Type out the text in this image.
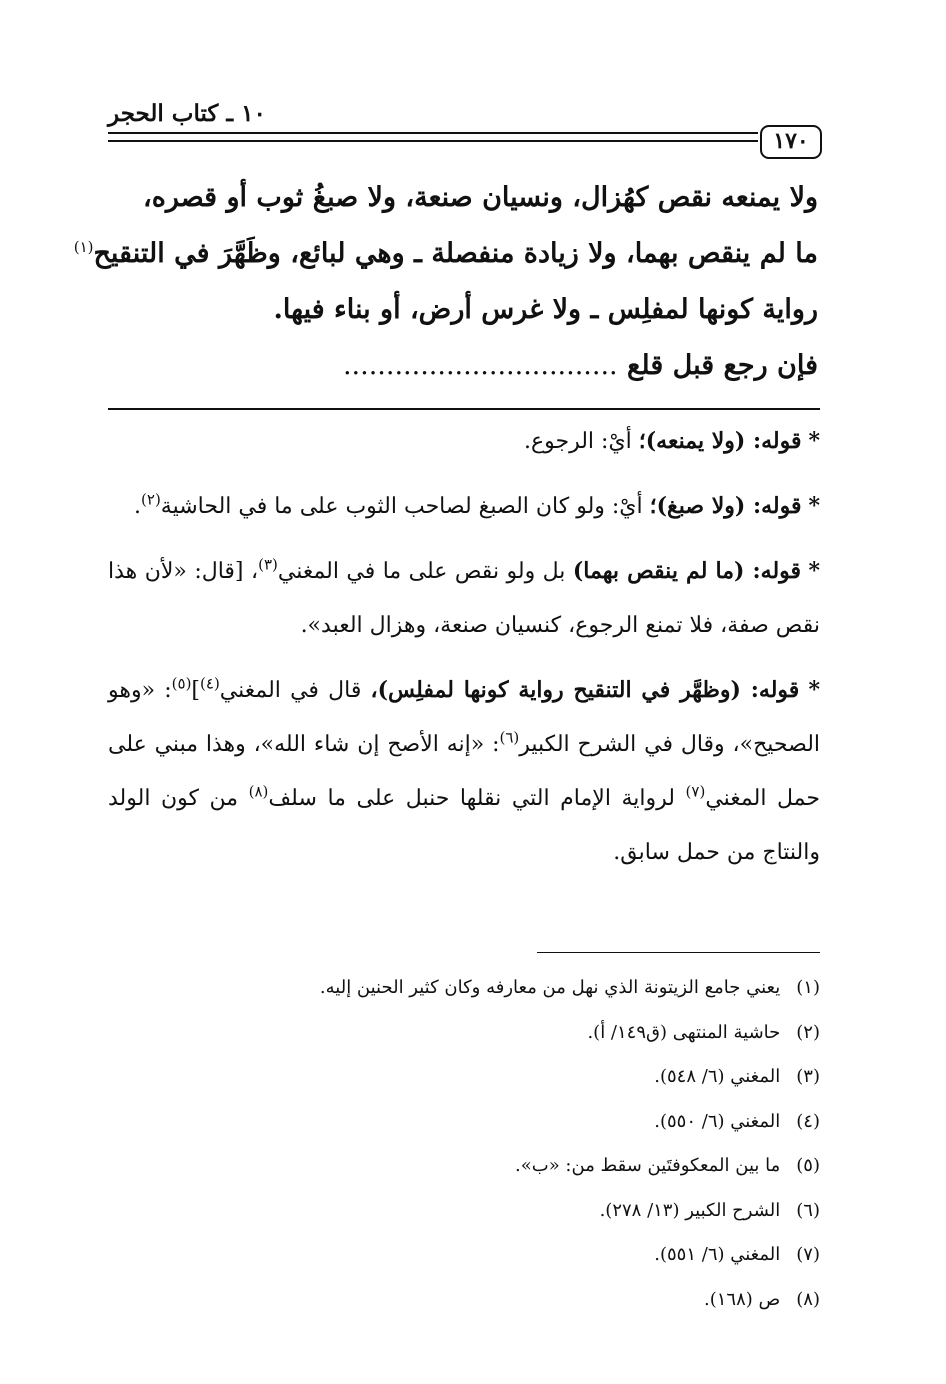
١٠ ـ كتاب الحجر
١٧٠
ولا يمنعه نقص كهُزال، ونسيان صنعة، ولا صبغُ ثوب أو قصره،
ما لم ينقص بهما، ولا زيادة منفصلة ـ وهي لبائع، وظَهَّرَ في التنقيح$^{(١)}$
رواية كونها لمفلِس ـ ولا غرس أرض، أو بناء فيها.
فإن رجع قبل قلع ................................

* قوله: (ولا يمنعه)؛ أيْ: الرجوع.

* قوله: (ولا صبغ)؛ أيْ: ولو كان الصبغ لصاحب الثوب على ما في الحاشية$^{(٢)}$.

* قوله: (ما لم ينقص بهما) بل ولو نقص على ما في المغني$^{(٣)}$، [قال: «لأن هذا نقص صفة، فلا تمنع الرجوع، كنسيان صنعة، وهزال العبد».

* قوله: (وظهَّر في التنقيح رواية كونها لمفلِس)، قال في المغني$^{(٤)}$]$^{(٥)}$: «وهو الصحيح»، وقال في الشرح الكبير$^{(٦)}$: «إنه الأصح إن شاء الله»، وهذا مبني على حمل المغني$^{(٧)}$ لرواية الإمام التي نقلها حنبل على ما سلف$^{(٨)}$ من كون الولد والنتاج من حمل سابق.

(١) يعني جامع الزيتونة الذي نهل من معارفه وكان كثير الحنين إليه.
(٢) حاشية المنتهى (ق١٤٩/ أ).
(٣) المغني (٦/ ٥٤٨).
(٤) المغني (٦/ ٥٥٠).
(٥) ما بين المعكوفتَين سقط من: «ب».
(٦) الشرح الكبير (١٣/ ٢٧٨).
(٧) المغني (٦/ ٥٥١).
(٨) ص (١٦٨).
